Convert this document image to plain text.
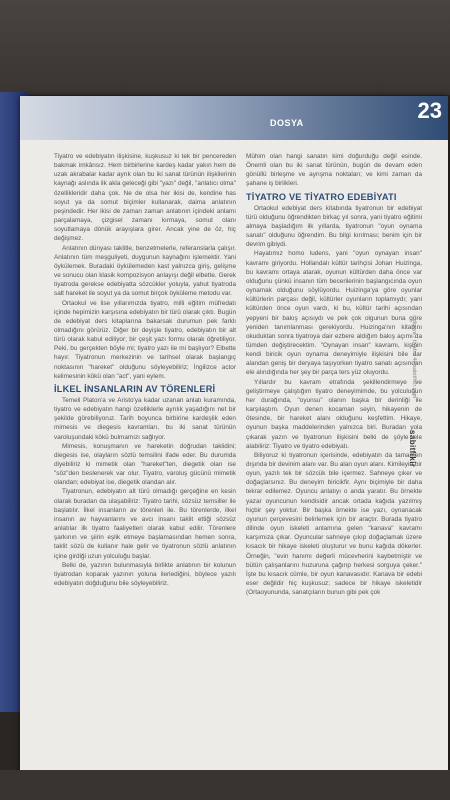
DOSYA	23

Tiyatro ve edebiyatın ilişkisine, kuşkusuz ki tek bir pencereden bakmak imkânsız. Hem birbirlerine kardeş kadar yakın hem de uzak akrabalar kadar ayrık olan bu iki sanat türünün ilişkilerinin kaynağı aslında ilk akla geleceği gibi "yazı" değil, "anlatıcı olma" özellikleridir daha çok. Ne de olsa her ikisi de, kendine has soyut ya da somut biçimler kullanarak, daima anlatının peşindedir. Her ikisi de zaman zaman anlatının içindeki anlamı parçalamaya, çizgisel zamanı kırmaya, somut olanı soyutlamaya dönük arayışlara girer. Ancak yine de öz, hiç değişmez.

Anlatının dünyası taklitle, benzetmelerle, referanslarla çalışır. Anlatının tüm meşguliyeti, duygunun kaynağını işlemektir. Yani öykülemek. Buradaki öykülemeden kast yalnızca giriş, gelişme ve sonucu olan klasik kompozisyon anlayışı değil elbette. Gerek tiyatroda gerekse edebiyatta sözcükler yoluyla, yahut tiyatroda salt hareket ile soyut ya da somut birçok öyküleme metodu var.

Ortaokul ve lise yıllarımızda tiyatro, milli eğitim müfredatı içinde hepimizin karşısına edebiyatın bir türü olarak çıktı. Bugün de edebiyat ders kitaplarına bakarsak durumun pek farklı olmadığını görürüz. Diğer bir deyişle tiyatro, edebiyatın bir alt türü olarak kabul ediliyor; bir çeşit yazı formu olarak öğretiliyor. Peki, bu gerçekten böyle mi; tiyatro yazı ile mi başlıyor? Elbette hayır. Tiyatronun merkezinin ve tarihsel olarak başlangıç noktasının "hareket" olduğunu söyleyebiliriz; İngilizce actor kelimesinin kökü olan "act", yani eylem.

İLKEL İNSANLARIN AV TÖRENLERİ

Temeli Platon'a ve Aristo'ya kadar uzanan anlatı kuramında, tiyatro ve edebiyatın hangi özelliklerle ayrılık yaşadığını net bir şekilde görebiliyoruz. Tarih boyunca birbirine kardeşlik eden mimesis ve diegesis kavramları, bu iki sanat türünün varoluşundaki kökü bulmamızı sağlıyor.

Mimesis, konuşmanın ve hareketin doğrudan taklidini; diegesis ise, olayların sözlü temsilini ifade eder. Bu durumda diyebiliriz ki mimetik olan "hareket"ten, diegetik olan ise "söz"den beslenerek var olur. Tiyatro, varoluş gücünü mimetik olandan; edebiyat ise, diegetik olandan alır.

Tiyatronun, edebiyatın alt türü olmadığı gerçeğine en kesin olarak buradan da ulaşabiliriz: Tiyatro tarihi, sözsüz temsiller ile başlatılır. İlkel insanların av törenleri ile. Bu törenlerde, ilkel insanın av hayvanlarını ve avcı insanı taklit ettiği sözsüz anlatılar ilk tiyatro faaliyetleri olarak kabul edilir. Törenlere şarkının ve şiirin eşlik etmeye başlamasından hemen sonra, taklit sözü de kullanır hale gelir ve tiyatronun sözlü anlatının içine girdiği uzun yolculuğu başlar.

Belki de, yazının bulunmasıyla birlikte anlatının bir kolunun tiyatrodan koparak yazının yoluna ilerlediğini, böylece yazılı edebiyatın doğduğunu bile söyleyebiliriz.

Mühim olan hangi sanatın kimi doğurduğu değil esinde. Önemli olan bu iki sanat türünün, bugün de devam eden gönüllü birleşme ve ayrışma noktaları; ve kimi zaman da şahane iş birlikleri.

TİYATRO VE TİYATRO EDEBİYATI

Ortaokul edebiyat ders kitabında tiyatronun bir edebiyat türü olduğunu öğrendikten birkaç yıl sonra, yani tiyatro eğitimi almaya başladığım ilk yıllarda, tiyatronun "oyun oynama sanatı" olduğunu öğrendim. Bu bilgi kırılması; benim için bir devrim gibiydi.

Hayatımız homo ludens, yani "oyun oynayan insan" kavramı giriyordu. Hollandalı kültür tarihçisi Johan Huizinga, bu kavramı ortaya atarak, oyunun kültürden daha önce var olduğunu çünkü insanın tüm becerilerinin başlangıcında oyun oynamak olduğunu söylüyordu. Huizinga'ya göre oyunlar kültürlerin parçası değil, kültürler oyunların toplamıydı; yani kültürden önce oyun vardı, ki bu, kültür tarihi açısından yepyeni bir bakış açısıydı ve pek çok olgunun buna göre yeniden tanımlanması gerekiyordu. Huizinga'nın kitabını okuduktan sonra tiyatroya dair ezbere aldığım bakış açımı da tümden değiştirecektim. "Oynayan insan" kavramı, kişinin kendi biricik oyun oynama deneyimiyle ilişkisini bile dar alandan geniş bir deryaya taşıyorken tiyatro sanatı açısından ele alındığında her şey bir parça ters yüz oluyordu.

Yıllardır bu kavram etrafında şekillendirmeye ve geliştirmeye çalıştığım tiyatro deneyimimde, bu yolculuğun her durağında, "oyunsu" olanın başka bir derinliği ile karşılaştım. Oyun denen kocaman seyin, hikayenin de ötesinde, bir hareket alanı olduğunu keşfettim. Hikaye, oyunun başka maddelerinden yalnızca biri. Buradan yola çıkarak yazın ve tiyatronun ilişkisini belki de şöyle ele alabiliriz: Tiyatro ve tiyatro edebiyatı.

Biliyoruz ki tiyatronun içerisinde, edebiyatın da tamamen dışında bir devinim alanı var. Bu alan oyun alanı. Kimileyin bir oyun, yazılı tek bir sözcük bile içermez. Sahneye çıker ve doğaçlarsınız. Bu deneyim biricikfir. Aynı biçimiyle bir daha tekrar edilemez. Oyuncu anlatıyı o anda yaratır. Bu örnekte yazar oyuncunun kendisidir ancak ortada kağıda yazılmış hiçbir şey yoktur. Bir başka örnekte ise yazı, oynanacak oyunun çerçevesini belirlemek için bir araçtır. Burada tiyatro dilinde oyun iskeleti anlamına gelen "kanava" kavramı karşımıza çıkar. Oyuncular sahneye çıkıp doğaçlamak üzere kısacık bir hikaye iskeleti oluşturur ve bunu kağıda dökerler. Örneğin, "evin hanımı değerli mücevherini kaybetmiştir ve bütün çalışanlarını huzuruna çağırıp herkesi sorguya çeker." İşte bu kısacık cümle, bir oyun kanavasıdır. Kanava bir edebi eser değildir hiç kuşkusuz; sadece bir hikaye iskeletidir (Ortaoyununda, sanatçıların bunun gibi pek çok

dosya / tiyatro 44 sabitfikir.com
sabitfikir
